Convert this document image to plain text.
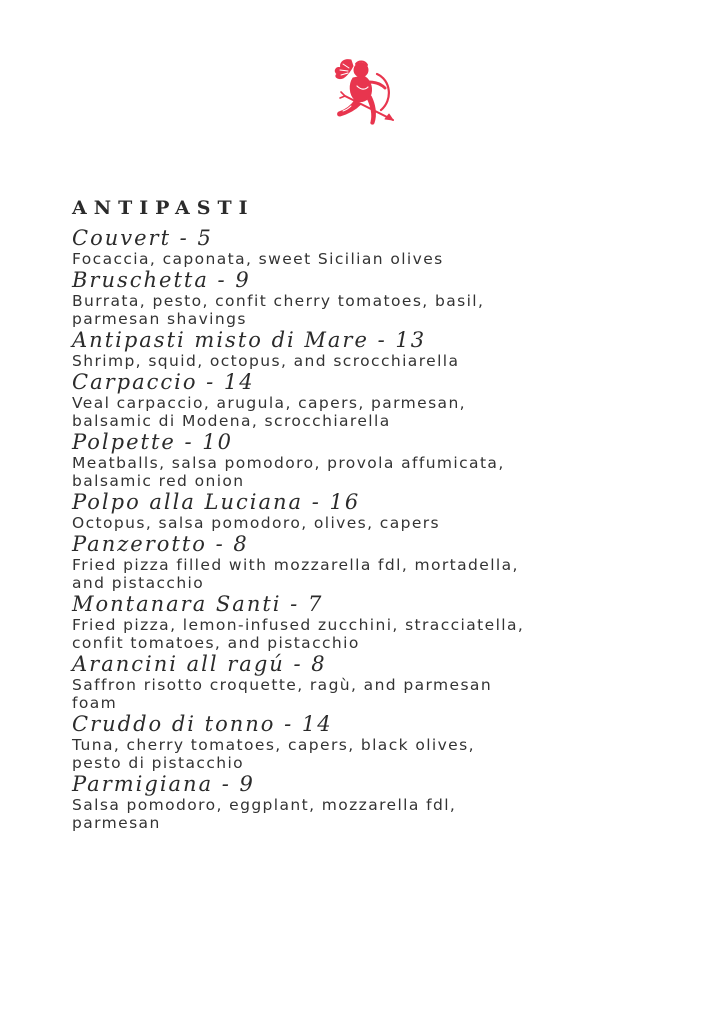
ANTIPASTI
Couvert - 5
Focaccia, caponata, sweet Sicilian olives
Bruschetta - 9
Burrata, pesto, confit cherry tomatoes, basil,
parmesan shavings
Antipasti misto di Mare - 13
Shrimp, squid, octopus, and scrocchiarella
Carpaccio - 14
Veal carpaccio, arugula, capers, parmesan,
balsamic di Modena, scrocchiarella
Polpette - 10
Meatballs, salsa pomodoro, provola affumicata,
balsamic red onion
Polpo alla Luciana - 16
Octopus, salsa pomodoro, olives, capers
Panzerotto - 8
Fried pizza filled with mozzarella fdl, mortadella,
and pistacchio
Montanara Santi - 7
Fried pizza, lemon-infused zucchini, stracciatella,
confit tomatoes, and pistacchio
Arancini all ragú - 8
Saffron risotto croquette, ragù, and parmesan
foam
Cruddo di tonno - 14
Tuna, cherry tomatoes, capers, black olives,
pesto di pistacchio
Parmigiana - 9
Salsa pomodoro, eggplant, mozzarella fdl,
parmesan
